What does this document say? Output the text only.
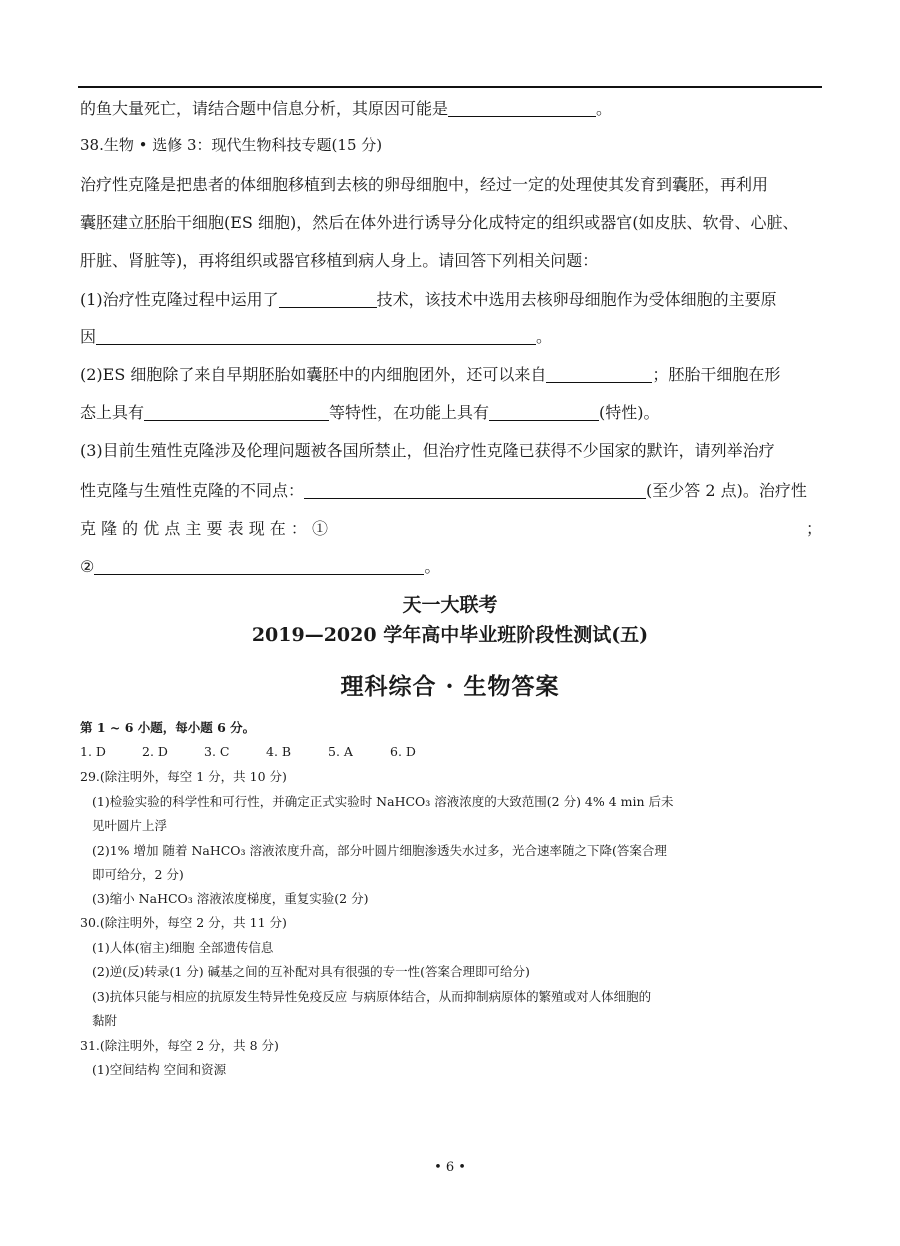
的鱼大量死亡，请结合题中信息分析，其原因可能是	。

38.生物 • 选修 3：现代生物科技专题(15 分)

治疗性克隆是把患者的体细胞移植到去核的卵母细胞中，经过一定的处理使其发育到囊胚，再利用

囊胚建立胚胎干细胞(ES 细胞)，然后在体外进行诱导分化成特定的组织或器官(如皮肤、软骨、心脏、

肝脏、肾脏等)，再将组织或器官移植到病人身上。请回答下列相关问题：

(1)治疗性克隆过程中运用了	技术，该技术中选用去核卵母细胞作为受体细胞的主要原

因	。

(2)ES 细胞除了来自早期胚胎如囊胚中的内细胞团外，还可以来自	；胚胎干细胞在形

态上具有	等特性，在功能上具有	(特性)。

(3)目前生殖性克隆涉及伦理问题被各国所禁止，但治疗性克隆已获得不少国家的默许，请列举治疗

性克隆与生殖性克隆的不同点：	(至少答 2 点)。治疗性

克 隆 的 优 点 主 要 表 现 在 ： ①	；

②	。

天一大联考

2019—2020 学年高中毕业班阶段性测试(五)

理科综合 · 生物答案

第 1 ~ 6 小题，每小题 6 分。

1. D	2. D	3. C	4. B	5. A	6. D

29.(除注明外，每空 1 分，共 10 分)

(1)检验实验的科学性和可行性，并确定正式实验时 NaHCO₃ 溶液浓度的大致范围(2 分) 4% 4 min 后未

见叶圆片上浮

(2)1% 增加 随着 NaHCO₃ 溶液浓度升高，部分叶圆片细胞渗透失水过多，光合速率随之下降(答案合理

即可给分，2 分)

(3)缩小 NaHCO₃ 溶液浓度梯度，重复实验(2 分)

30.(除注明外，每空 2 分，共 11 分)

(1)人体(宿主)细胞 全部遗传信息

(2)逆(反)转录(1 分) 碱基之间的互补配对具有很强的专一性(答案合理即可给分)

(3)抗体只能与相应的抗原发生特异性免疫反应 与病原体结合，从而抑制病原体的繁殖或对人体细胞的

黏附

31.(除注明外，每空 2 分，共 8 分)

(1)空间结构 空间和资源

• 6 •
